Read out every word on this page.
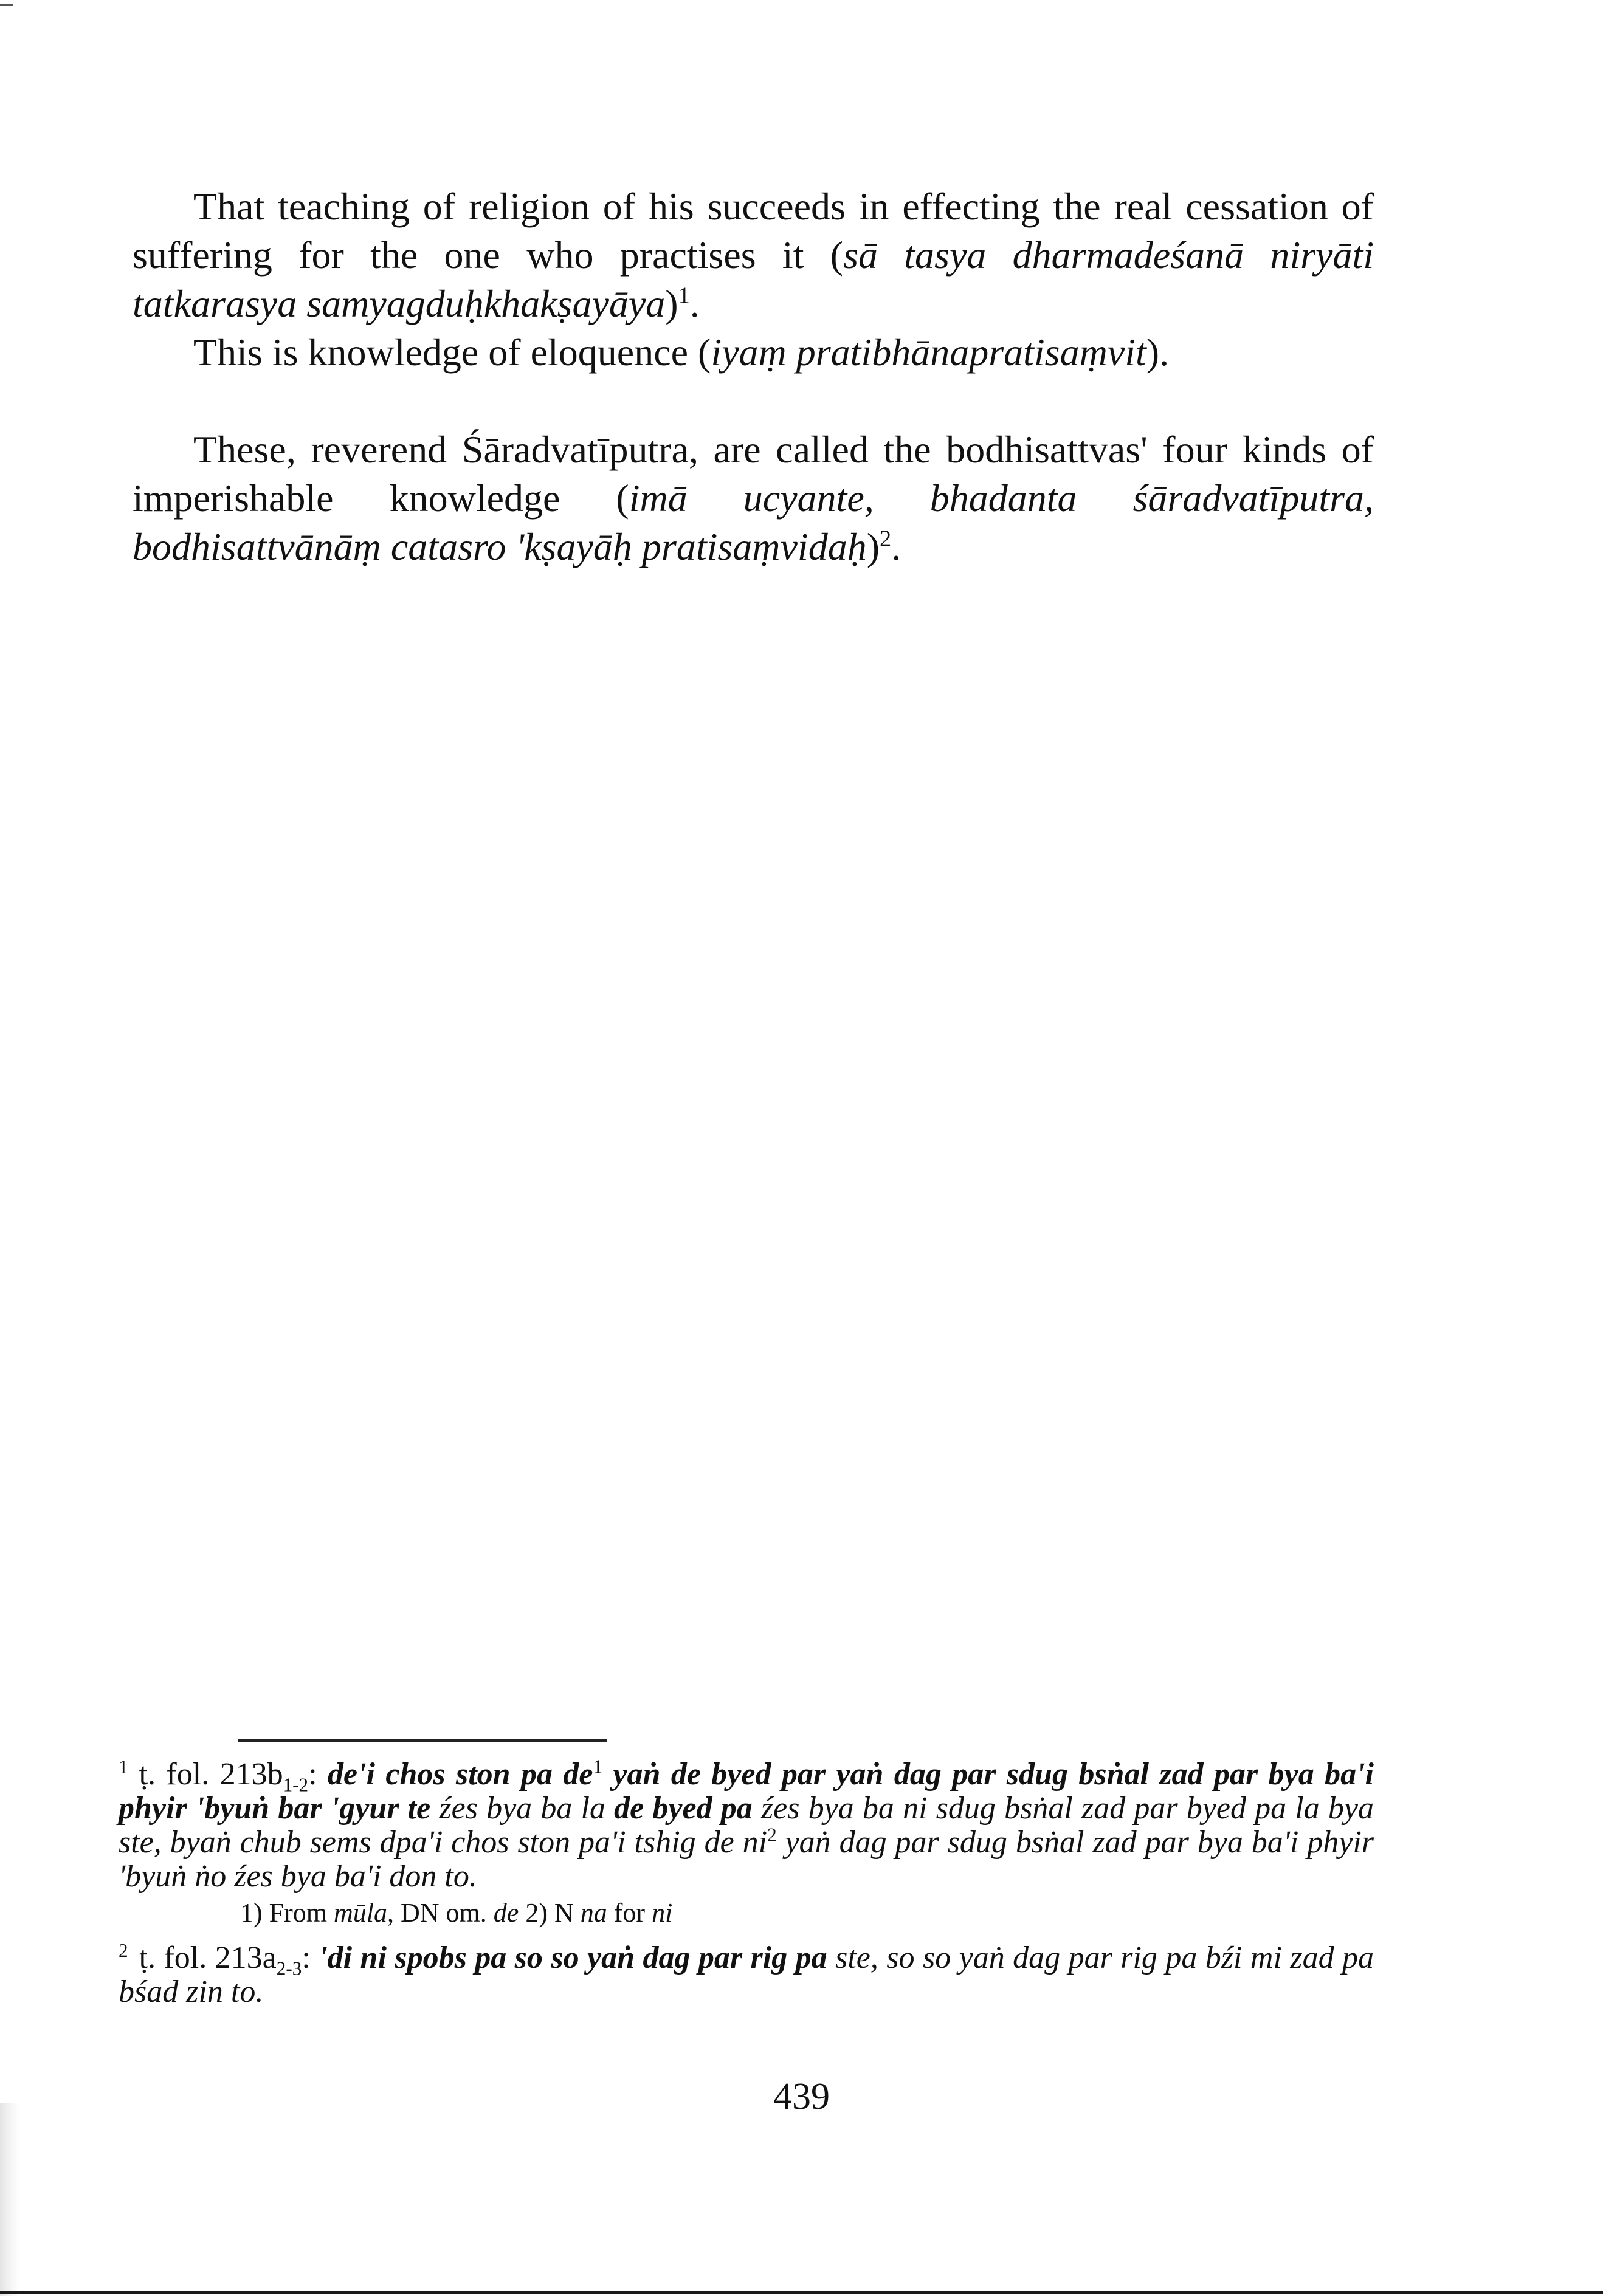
That teaching of religion of his succeeds in effecting the real cessation of suffering for the one who practises it (sā tasya dharmadeśanā niryāti tatkarasya samyagduḥkhakṣayāya)$^1$.

This is knowledge of eloquence (iyaṃ pratibhānapratisaṃvit).

These, reverend Śāradvatīputra, are called the bodhisattvas' four kinds of imperishable knowledge (imā ucyante, bhadanta śāradvatīputra, bodhisattvānāṃ catasro 'kṣayāḥ pratisaṃvidaḥ)$^2$.

$^1$ ṭ. fol. $213b_{1-2}$: de'i chos ston pa $de^1$ yaṅ de byed par yaṅ dag par sdug bsṅal zad par bya ba'i phyir 'byuṅ bar 'gyur te źes bya ba la de byed pa źes bya ba ni sdug bsṅal zad par byed pa la bya ste, byaṅ chub sems dpa'i chos ston pa'i tshig de $ni^2$ yaṅ dag par sdug bsṅal zad par bya ba'i phyir 'byuṅ ṅo źes bya ba'i don to.

1) From mūla, DN om. de 2) N na for ni

$^2$ ṭ. fol. $213a_{2-3}$: 'di ni spobs pa so so yaṅ dag par rig pa ste, so so yaṅ dag par rig pa bźi mi zad pa bśad zin to.

439
